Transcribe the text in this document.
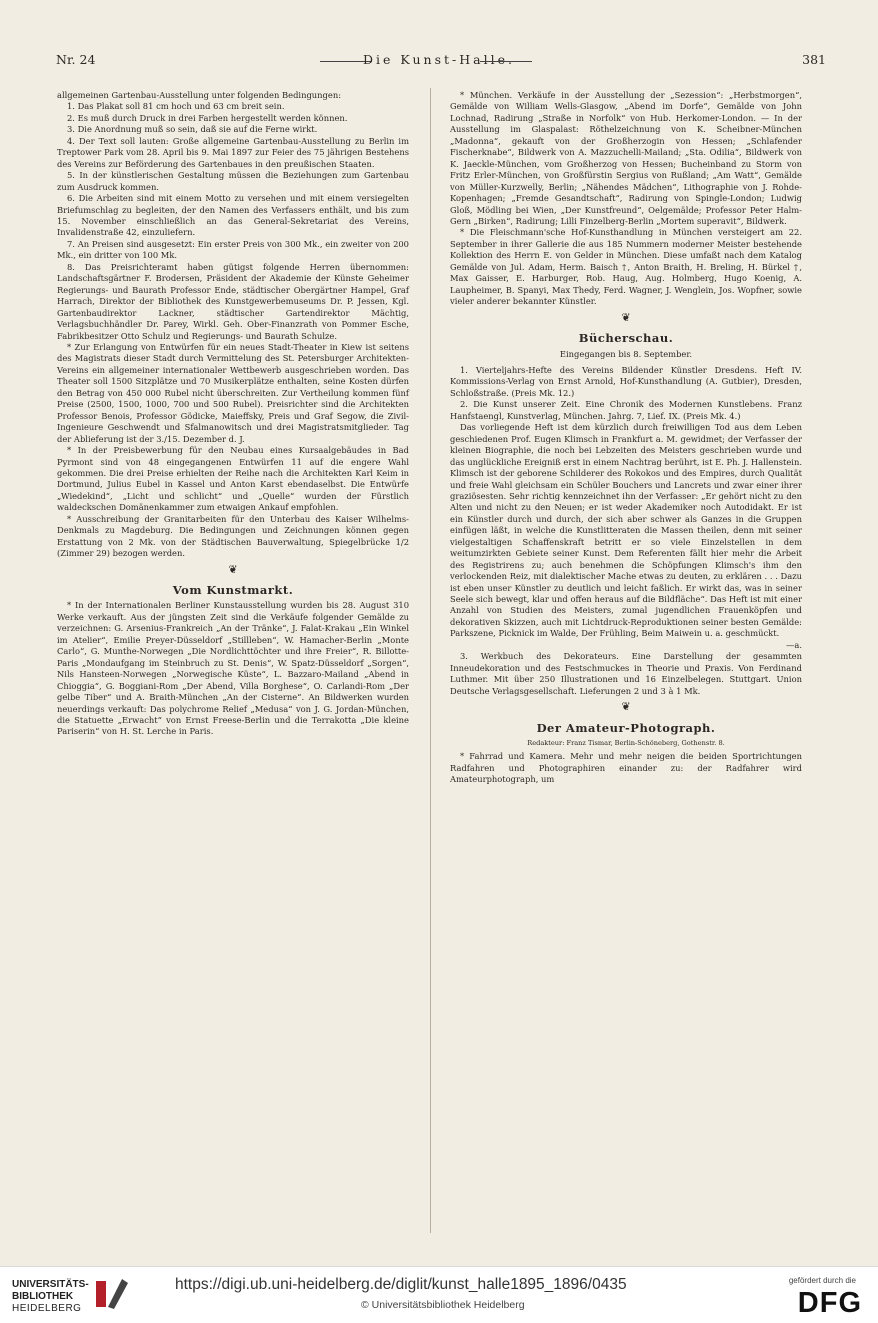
Nr. 24	Die Kunst-Halle.	381

allgemeinen Gartenbau-Ausstellung unter folgenden Bedingungen:

1. Das Plakat soll 81 cm hoch und 63 cm breit sein.

2. Es muß durch Druck in drei Farben hergestellt werden können.

3. Die Anordnung muß so sein, daß sie auf die Ferne wirkt.

4. Der Text soll lauten: Große allgemeine Gartenbau-Ausstellung zu Berlin im Treptower Park vom 28. April bis 9. Mai 1897 zur Feier des 75 jährigen Bestehens des Vereins zur Beförderung des Gartenbaues in den preußischen Staaten.

5. In der künstlerischen Gestaltung müssen die Beziehungen zum Gartenbau zum Ausdruck kommen.

6. Die Arbeiten sind mit einem Motto zu versehen und mit einem versiegelten Briefumschlag zu begleiten, der den Namen des Verfassers enthält, und bis zum 15. November einschließlich an das General-Sekretariat des Vereins, Invalidenstraße 42, einzuliefern.

7. An Preisen sind ausgesetzt: Ein erster Preis von 300 Mk., ein zweiter von 200 Mk., ein dritter von 100 Mk.

8. Das Preisrichteramt haben gütigst folgende Herren übernommen: Landschaftsgärtner F. Brodersen, Präsident der Akademie der Künste Geheimer Regierungs- und Baurath Professor Ende, städtischer Obergärtner Hampel, Graf Harrach, Direktor der Bibliothek des Kunstgewerbemuseums Dr. P. Jessen, Kgl. Gartenbaudirektor Lackner, städtischer Gartendirektor Mächtig, Verlagsbuchhändler Dr. Parey, Wirkl. Geh. Ober-Finanzrath von Pommer Esche, Fabrikbesitzer Otto Schulz und Regierungs- und Baurath Schulze.

* Zur Erlangung von Entwürfen für ein neues Stadt-Theater in Kiew ist seitens des Magistrats dieser Stadt durch Vermittelung des St. Petersburger Architekten-Vereins ein allgemeiner internationaler Wettbewerb ausgeschrieben worden. Das Theater soll 1500 Sitzplätze und 70 Musikerplätze enthalten, seine Kosten dürfen den Betrag von 450 000 Rubel nicht überschreiten. Zur Vertheilung kommen fünf Preise (2500, 1500, 1000, 700 und 500 Rubel). Preisrichter sind die Architekten Professor Benois, Professor Gödicke, Maieffsky, Preis und Graf Segow, die Zivil-Ingenieure Geschwendt und Sfalmanowitsch und drei Magistratsmitglieder. Tag der Ablieferung ist der 3./15. Dezember d. J.

* In der Preisbewerbung für den Neubau eines Kursaalgebäudes in Bad Pyrmont sind von 48 eingegangenen Entwürfen 11 auf die engere Wahl gekommen. Die drei Preise erhielten der Reihe nach die Architekten Karl Keim in Dortmund, Julius Eubel in Kassel und Anton Karst ebendaselbst. Die Entwürfe „Wiedekind“, „Licht und schlicht“ und „Quelle“ wurden der Fürstlich waldeckschen Domänenkammer zum etwaigen Ankauf empfohlen.

* Ausschreibung der Granitarbeiten für den Unterbau des Kaiser Wilhelms-Denkmals zu Magdeburg. Die Bedingungen und Zeichnungen können gegen Erstattung von 2 Mk. von der Städtischen Bauverwaltung, Spiegelbrücke 1/2 (Zimmer 29) bezogen werden.

❦

Vom Kunstmarkt.

* In der Internationalen Berliner Kunstausstellung wurden bis 28. August 310 Werke verkauft. Aus der jüngsten Zeit sind die Verkäufe folgender Gemälde zu verzeichnen: G. Arsenius-Frankreich „An der Tränke“, J. Falat-Krakau „Ein Winkel im Atelier“, Emilie Preyer-Düsseldorf „Stillleben“, W. Hamacher-Berlin „Monte Carlo“, G. Munthe-Norwegen „Die Nordlichttöchter und ihre Freier“, R. Billotte-Paris „Mondaufgang im Steinbruch zu St. Denis“, W. Spatz-Düsseldorf „Sorgen“, Nils Hansteen-Norwegen „Norwegische Küste“, L. Bazzaro-Mailand „Abend in Chioggia“, G. Boggiani-Rom „Der Abend, Villa Borghese“, O. Carlandi-Rom „Der gelbe Tiber“ und A. Braith-München „An der Cisterne“. An Bildwerken wurden neuerdings verkauft: Das polychrome Relief „Medusa“ von J. G. Jordan-München, die Statuette „Erwacht“ von Ernst Freese-Berlin und die Terrakotta „Die kleine Pariserin“ von H. St. Lerche in Paris.

* München. Verkäufe in der Ausstellung der „Sezession“: „Herbstmorgen“, Gemälde von William Wells-Glasgow, „Abend im Dorfe“, Gemälde von John Lochnad, Radirung „Straße in Norfolk“ von Hub. Herkomer-London. — In der Ausstellung im Glaspalast: Röthelzeichnung von K. Scheibner-München „Madonna“, gekauft von der Großherzogin von Hessen; „Schlafender Fischerknabe“, Bildwerk von A. Mazzuchelli-Mailand; „Sta. Odilia“, Bildwerk von K. Jaeckle-München, vom Großherzog von Hessen; Bucheinband zu Storm von Fritz Erler-München, von Großfürstin Sergius von Rußland; „Am Watt“, Gemälde von Müller-Kurzwelly, Berlin; „Nähendes Mädchen“, Lithographie von J. Rohde-Kopenhagen; „Fremde Gesandtschaft“, Radirung von Spingle-London; Ludwig Gloß, Mödling bei Wien, „Der Kunstfreund“, Oelgemälde; Professor Peter Halm-Gern „Birken“, Radirung; Lilli Finzelberg-Berlin „Mortem superavit“, Bildwerk.

* Die Fleischmann'sche Hof-Kunsthandlung in München versteigert am 22. September in ihrer Gallerie die aus 185 Nummern moderner Meister bestehende Kollektion des Herrn E. von Gelder in München. Diese umfaßt nach dem Katalog Gemälde von Jul. Adam, Herm. Baisch †, Anton Braith, H. Breling, H. Bürkel †, Max Gaisser, E. Harburger, Rob. Haug, Aug. Holmberg, Hugo Koenig, A. Laupheimer, B. Spanyi, Max Thedy, Ferd. Wagner, J. Wenglein, Jos. Wopfner, sowie vieler anderer bekannter Künstler.

❦

Bücherschau.

Eingegangen bis 8. September.

1. Vierteljahrs-Hefte des Vereins Bildender Künstler Dresdens. Heft IV. Kommissions-Verlag von Ernst Arnold, Hof-Kunsthandlung (A. Gutbier), Dresden, Schloßstraße. (Preis Mk. 12.)

2. Die Kunst unserer Zeit. Eine Chronik des Modernen Kunstlebens. Franz Hanfstaengl, Kunstverlag, München. Jahrg. 7, Lief. IX. (Preis Mk. 4.)

Das vorliegende Heft ist dem kürzlich durch freiwilligen Tod aus dem Leben geschiedenen Prof. Eugen Klimsch in Frankfurt a. M. gewidmet; der Verfasser der kleinen Biographie, die noch bei Lebzeiten des Meisters geschrieben wurde und das unglückliche Ereigniß erst in einem Nachtrag berührt, ist E. Ph. J. Hallenstein. Klimsch ist der geborene Schilderer des Rokokos und des Empires, durch Qualität und freie Wahl gleichsam ein Schüler Bouchers und Lancrets und zwar einer ihrer graziösesten. Sehr richtig kennzeichnet ihn der Verfasser: „Er gehört nicht zu den Alten und nicht zu den Neuen; er ist weder Akademiker noch Autodidakt. Er ist ein Künstler durch und durch, der sich aber schwer als Ganzes in die Gruppen einfügen läßt, in welche die Kunstlitteraten die Massen theilen, denn mit seiner vielgestaltigen Schaffenskraft betritt er so viele Einzelstellen in dem weitumzirkten Gebiete seiner Kunst. Dem Referenten fällt hier mehr die Arbeit des Registrirens zu; auch benehmen die Schöpfungen Klimsch's ihm den verlockenden Reiz, mit dialektischer Mache etwas zu deuten, zu erklären . . . Dazu ist eben unser Künstler zu deutlich und leicht faßlich. Er wirkt das, was in seiner Seele sich bewegt, klar und offen heraus auf die Bildfläche“. Das Heft ist mit einer Anzahl von Studien des Meisters, zumal jugendlichen Frauenköpfen und dekorativen Skizzen, auch mit Lichtdruck-Reproduktionen seiner besten Gemälde: Parkszene, Picknick im Walde, Der Frühling, Beim Maiwein u. a. geschmückt.

—a.

3. Werkbuch des Dekorateurs. Eine Darstellung der gesammten Inneudekoration und des Festschmuckes in Theorie und Praxis. Von Ferdinand Luthmer. Mit über 250 Illustrationen und 16 Einzelbelegen. Stuttgart. Union Deutsche Verlagsgesellschaft. Lieferungen 2 und 3 à 1 Mk.

❦

Der Amateur-Photograph.

Redakteur: Franz Tismar, Berlin-Schöneberg, Gothenstr. 8.

* Fahrrad und Kamera. Mehr und mehr neigen die beiden Sportrichtungen Radfahren und Photographiren einander zu: der Radfahrer wird Amateurphotograph, um

UNIVERSITÄTS-BIBLIOTHEK
HEIDELBERG
https://digi.ub.uni-heidelberg.de/diglit/kunst_halle1895_1896/0435
© Universitätsbibliothek Heidelberg
gefördert durch die
DFG
